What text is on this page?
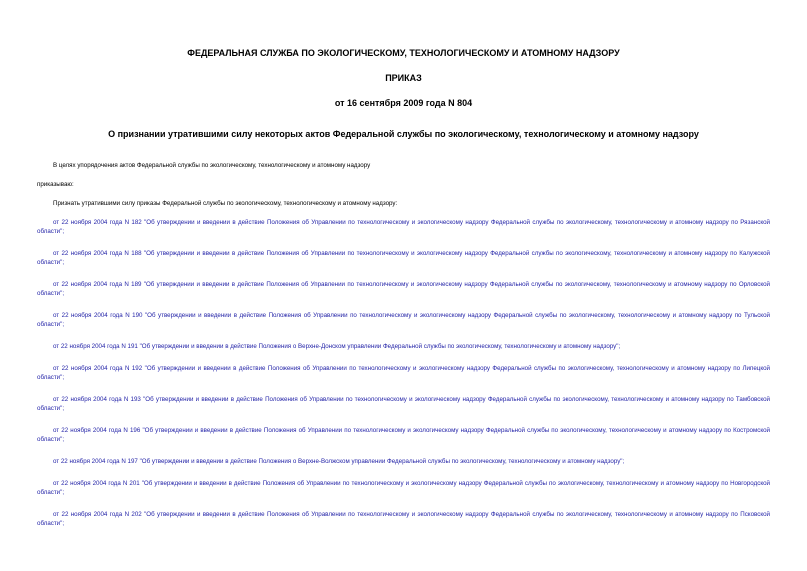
ФЕДЕРАЛЬНАЯ СЛУЖБА ПО ЭКОЛОГИЧЕСКОМУ, ТЕХНОЛОГИЧЕСКОМУ И АТОМНОМУ НАДЗОРУ

ПРИКАЗ

от 16 сентября 2009 года N 804

О признании утратившими силу некоторых актов Федеральной службы по экологическому, технологическому и атомному надзору

В целях упорядочения актов Федеральной службы по экологическому, технологическому и атомному надзору

приказываю:

Признать утратившими силу приказы Федеральной службы по экологическому, технологическому и атомному надзору:

от 22 ноября 2004 года N 182 "Об утверждении и введении в действие Положения об Управлении по технологическому и экологическому надзору Федеральной службы по экологическому, технологическому и атомному надзору по Рязанской области";

от 22 ноября 2004 года N 188 "Об утверждении и введении в действие Положения об Управлении по технологическому и экологическому надзору Федеральной службы по экологическому, технологическому и атомному надзору по Калужской области";

от 22 ноября 2004 года N 189 "Об утверждении и введении в действие Положения об Управлении по технологическому и экологическому надзору Федеральной службы по экологическому, технологическому и атомному надзору по Орловской области";

от 22 ноября 2004 года N 190 "Об утверждении и введении в действие Положения об Управлении по технологическому и экологическому надзору Федеральной службы по экологическому, технологическому и атомному надзору по Тульской области";

от 22 ноября 2004 года N 191 "Об утверждении и введении в действие Положения о Верхне-Донском управлении Федеральной службы по экологическому, технологическому и атомному надзору";

от 22 ноября 2004 года N 192 "Об утверждении и введении в действие Положения об Управлении по технологическому и экологическому надзору Федеральной службы по экологическому, технологическому и атомному надзору по Липецкой области";

от 22 ноября 2004 года N 193 "Об утверждении и введении в действие Положения об Управлении по технологическому и экологическому надзору Федеральной службы по экологическому, технологическому и атомному надзору по Тамбовской области";

от 22 ноября 2004 года N 196 "Об утверждении и введении в действие Положения об Управлении по технологическому и экологическому надзору Федеральной службы по экологическому, технологическому и атомному надзору по Костромской области";

от 22 ноября 2004 года N 197 "Об утверждении и введении в действие Положения о Верхне-Волжском управлении Федеральной службы по экологическому, технологическому и атомному надзору";

от 22 ноября 2004 года N 201 "Об утверждении и введении в действие Положения об Управлении по технологическому и экологическому надзору Федеральной службы по экологическому, технологическому и атомному надзору по Новгородской области";

от 22 ноября 2004 года N 202 "Об утверждении и введении в действие Положения об Управлении по технологическому и экологическому надзору Федеральной службы по экологическому, технологическому и атомному надзору по Псковской области";
